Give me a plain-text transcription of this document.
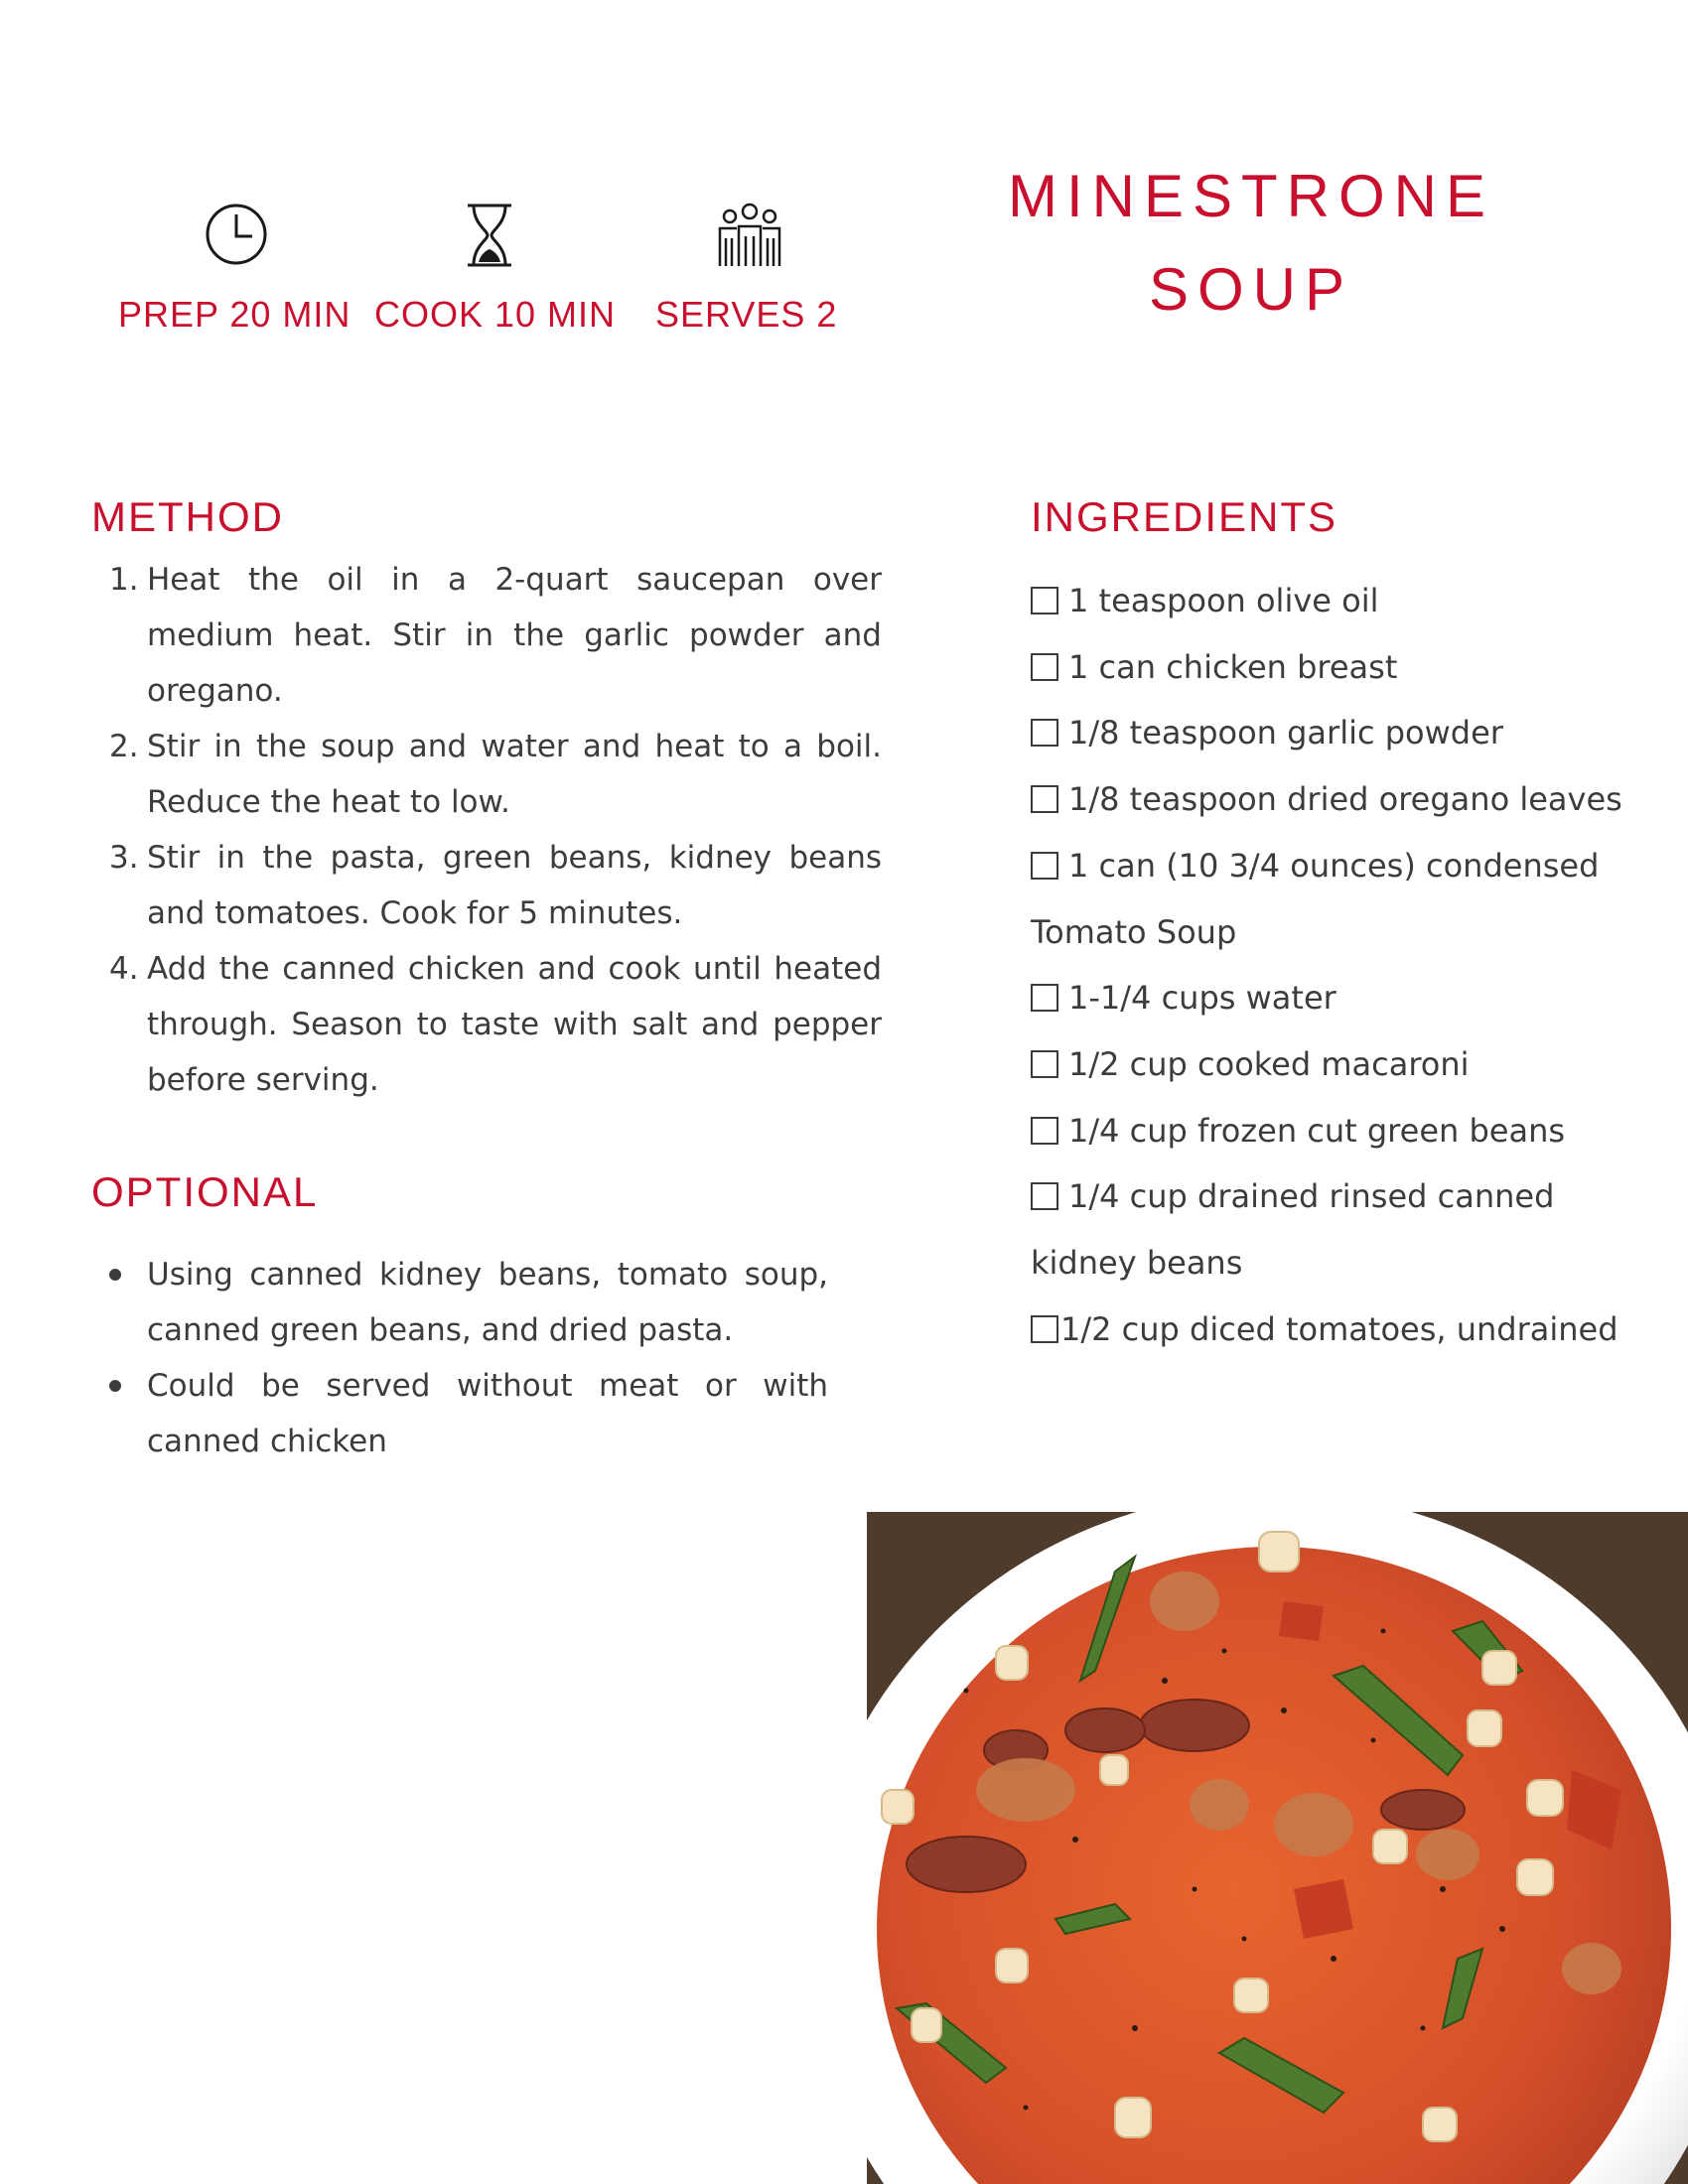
PREP 20 MIN COOK 10 MIN SERVES 2
MINESTRONE
SOUP
METHOD
1. Heat the oil in a 2-quart saucepan over medium heat. Stir in the garlic powder and oregano.
2. Stir in the soup and water and heat to a boil. Reduce the heat to low.
3. Stir in the pasta, green beans, kidney beans and tomatoes. Cook for 5 minutes.
4. Add the canned chicken and cook until heated through. Season to taste with salt and pepper before serving.
OPTIONAL
Using canned kidney beans, tomato soup, canned green beans, and dried pasta.
Could be served without meat or with canned chicken
INGREDIENTS
1 teaspoon olive oil
1 can chicken breast
1/8 teaspoon garlic powder
1/8 teaspoon dried oregano leaves
1 can (10 3/4 ounces) condensed
Tomato Soup
1-1/4 cups water
1/2 cup cooked macaroni
1/4 cup frozen cut green beans
1/4 cup drained rinsed canned
kidney beans
1/2 cup diced tomatoes, undrained
